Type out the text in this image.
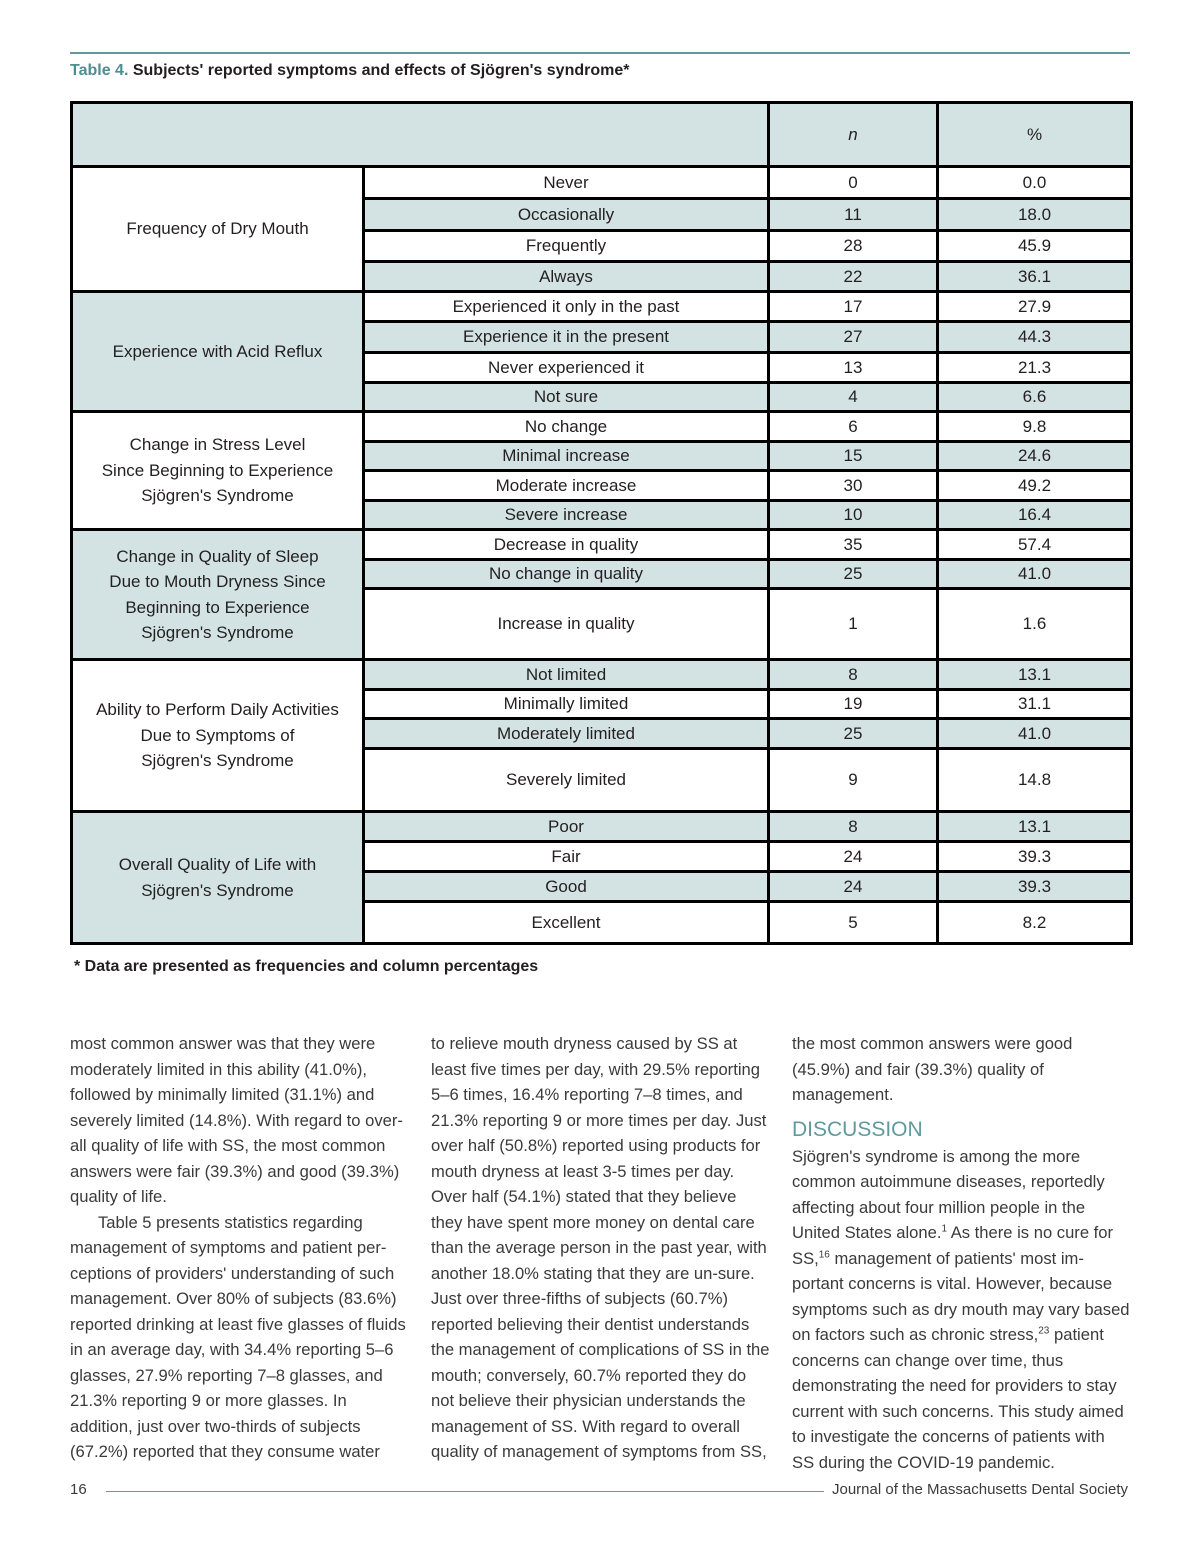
Table 4. Subjects' reported symptoms and effects of Sjögren's syndrome*
		n	%
Frequency of Dry Mouth	Never	0	0.0
	Occasionally	11	18.0
	Frequently	28	45.9
	Always	22	36.1
Experience with Acid Reflux	Experienced it only in the past	17	27.9
	Experience it in the present	27	44.3
	Never experienced it	13	21.3
	Not sure	4	6.6

Change in Stress Level
Since Beginning to Experience
Sjögren's Syndrome	No change	6	9.8
	Minimal increase	15	24.6
	Moderate increase	30	49.2
	Severe increase	10	16.4

Change in Quality of Sleep
Due to Mouth Dryness Since
Beginning to Experience
Sjögren's Syndrome	Decrease in quality	35	57.4
	No change in quality	25	41.0
	Increase in quality	1	1.6

Ability to Perform Daily Activities
Due to Symptoms of
Sjögren's Syndrome	Not limited	8	13.1
	Minimally limited	19	31.1
	Moderately limited	25	41.0
	Severely limited	9	14.8

Overall Quality of Life with
Sjögren's Syndrome	Poor	8	13.1
	Fair	24	39.3
	Good	24	39.3
	Excellent	5	8.2
* Data are presented as frequencies and column percentages

most common answer was that they were moderately limited in this ability (41.0%), followed by minimally limited (31.1%) and severely limited (14.8%). With regard to over-all quality of life with SS, the most common answers were fair (39.3%) and good (39.3%) quality of life.

Table 5 presents statistics regarding management of symptoms and patient per-ceptions of providers' understanding of such management. Over 80% of subjects (83.6%) reported drinking at least five glasses of fluids in an average day, with 34.4% reporting 5–6 glasses, 27.9% reporting 7–8 glasses, and 21.3% reporting 9 or more glasses. In addition, just over two-thirds of subjects (67.2%) reported that they consume water

to relieve mouth dryness caused by SS at least five times per day, with 29.5% reporting 5–6 times, 16.4% reporting 7–8 times, and 21.3% reporting 9 or more times per day. Just over half (50.8%) reported using products for mouth dryness at least 3-5 times per day. Over half (54.1%) stated that they believe they have spent more money on dental care than the average person in the past year, with another 18.0% stating that they are un-sure. Just over three-fifths of subjects (60.7%) reported believing their dentist understands the management of complications of SS in the mouth; conversely, 60.7% reported they do not believe their physician understands the management of SS. With regard to overall quality of management of symptoms from SS,

the most common answers were good (45.9%) and fair (39.3%) quality of management.

DISCUSSION

Sjögren's syndrome is among the more common autoimmune diseases, reportedly affecting about four million people in the United States alone.$^1$ As there is no cure for SS,$^{16}$ management of patients' most im-portant concerns is vital. However, because symptoms such as dry mouth may vary based on factors such as chronic stress,$^{23}$ patient concerns can change over time, thus demonstrating the need for providers to stay current with such concerns. This study aimed to investigate the concerns of patients with SS during the COVID-19 pandemic.

16	Journal of the Massachusetts Dental Society
